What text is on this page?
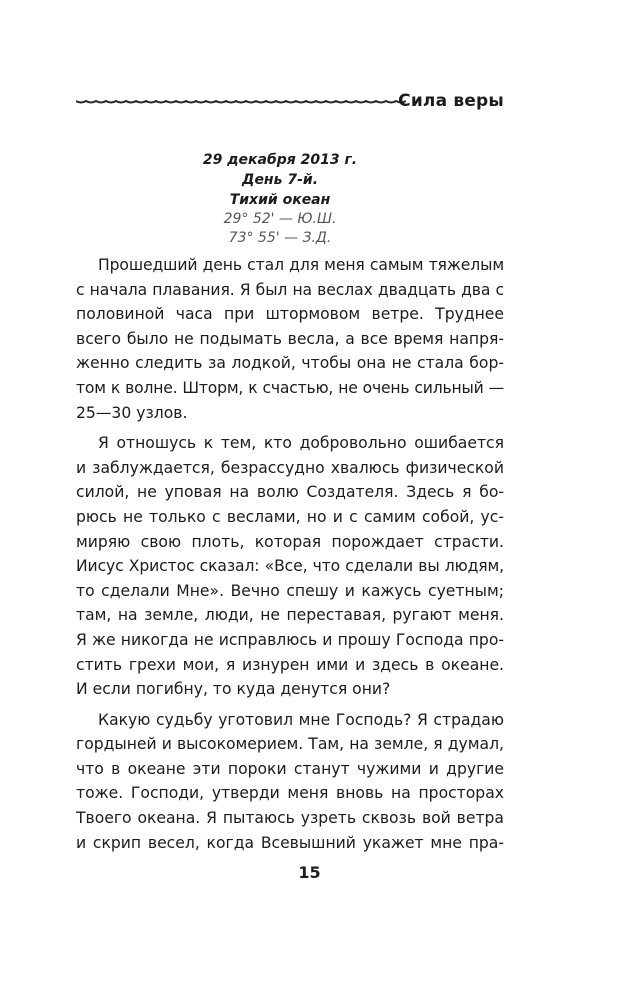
Сила веры
29 декабря 2013 г.
День 7-й.
Тихий океан
29° 52' — Ю.Ш.
73° 55' — З.Д.
Прошедший день стал для меня самым тяжелым
с начала плавания. Я был на веслах двадцать два с
половиной часа при штормовом ветре. Труднее
всего было не подымать весла, а все время напря-
женно следить за лодкой, чтобы она не стала бор-
том к волне. Шторм, к счастью, не очень сильный —
25—30 узлов.
Я отношусь к тем, кто добровольно ошибается
и заблуждается, безрассудно хвалюсь физической
силой, не уповая на волю Создателя. Здесь я бо-
рюсь не только с веслами, но и с самим собой, ус-
миряю свою плоть, которая порождает страсти.
Иисус Христос сказал: «Все, что сделали вы людям,
то сделали Мне». Вечно спешу и кажусь суетным;
там, на земле, люди, не переставая, ругают меня.
Я же никогда не исправлюсь и прошу Господа про-
стить грехи мои, я изнурен ими и здесь в океане.
И если погибну, то куда денутся они?
Какую судьбу уготовил мне Господь? Я страдаю
гордыней и высокомерием. Там, на земле, я думал,
что в океане эти пороки станут чужими и другие
тоже. Господи, утверди меня вновь на просторах
Твоего океана. Я пытаюсь узреть сквозь вой ветра
и скрип весел, когда Всевышний укажет мне пра-
15
